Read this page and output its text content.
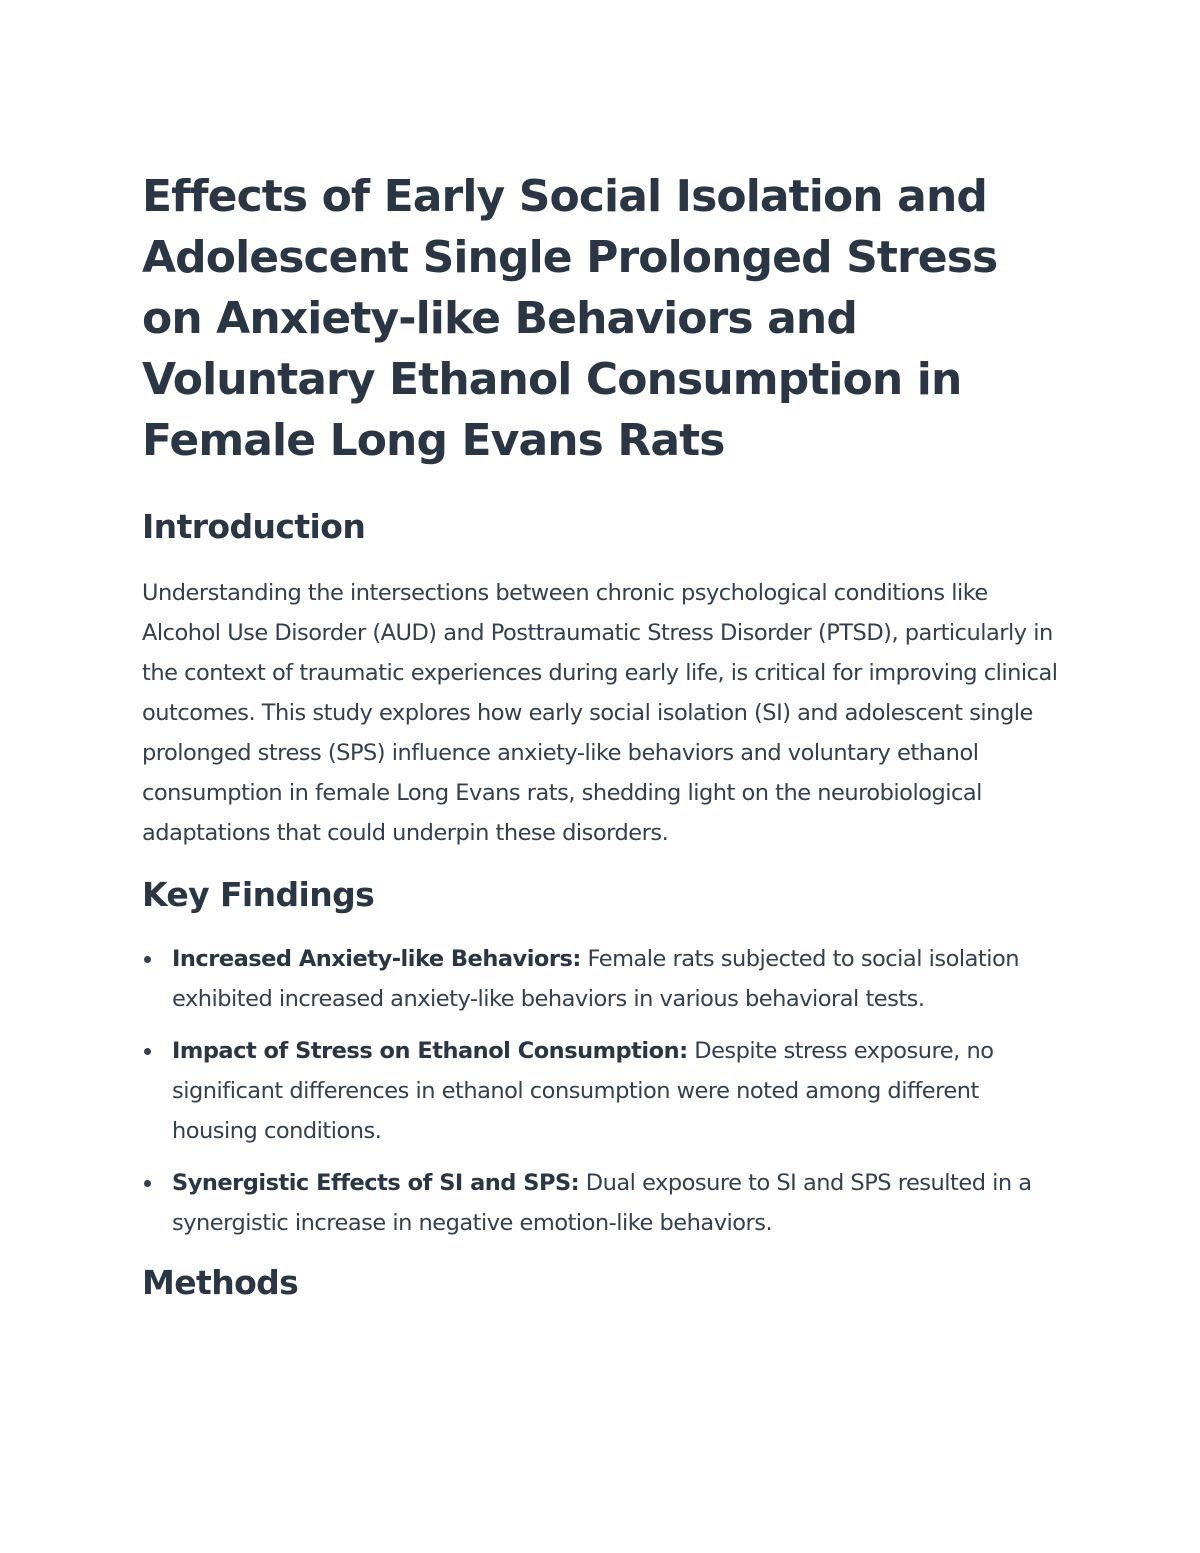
Effects of Early Social Isolation and Adolescent Single Prolonged Stress on Anxiety-like Behaviors and Voluntary Ethanol Consumption in Female Long Evans Rats
Introduction

Understanding the intersections between chronic psychological conditions like Alcohol Use Disorder (AUD) and Posttraumatic Stress Disorder (PTSD), particularly in the context of traumatic experiences during early life, is critical for improving clinical outcomes. This study explores how early social isolation (SI) and adolescent single prolonged stress (SPS) influence anxiety-like behaviors and voluntary ethanol consumption in female Long Evans rats, shedding light on the neurobiological adaptations that could underpin these disorders.

Key Findings
Increased Anxiety-like Behaviors: Female rats subjected to social isolation exhibited increased anxiety-like behaviors in various behavioral tests.
Impact of Stress on Ethanol Consumption: Despite stress exposure, no significant differences in ethanol consumption were noted among different housing conditions.
Synergistic Effects of SI and SPS: Dual exposure to SI and SPS resulted in a synergistic increase in negative emotion-like behaviors.
Methods
